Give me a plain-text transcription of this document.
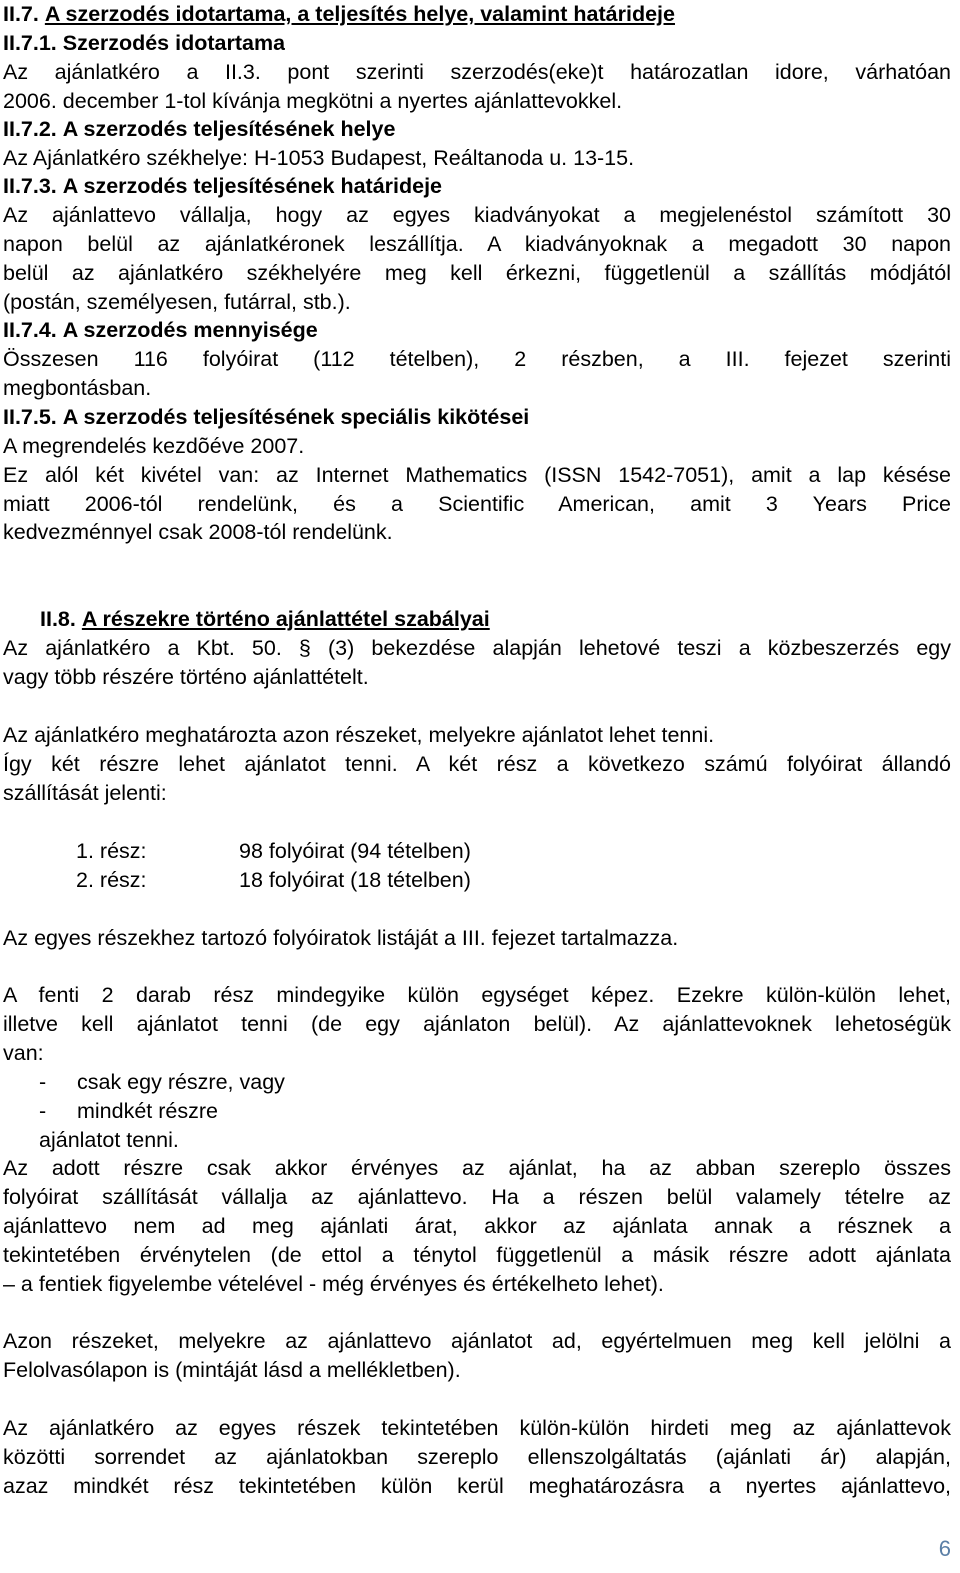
II.7. A szerzodés idotartama, a teljesítés helye, valamint határideje
II.7.1. Szerzodés idotartama
Az ajánlatkéro a II.3. pont szerinti szerzodés(eke)t határozatlan idore, várhatóan
2006. december 1-tol kívánja megkötni a nyertes ajánlattevokkel.
II.7.2. A szerzodés teljesítésének helye
Az Ajánlatkéro székhelye: H-1053 Budapest, Reáltanoda u. 13-15.
II.7.3. A szerzodés teljesítésének határideje
Az ajánlattevo vállalja, hogy az egyes kiadványokat a megjelenéstol számított 30
napon belül az ajánlatkéronek leszállítja. A kiadványoknak a megadott 30 napon
belül az ajánlatkéro székhelyére meg kell érkezni, függetlenül a szállítás módjától
(postán, személyesen, futárral, stb.).
II.7.4. A szerzodés mennyisége
Összesen 116 folyóirat (112 tételben), 2 részben, a III. fejezet szerinti
megbontásban.
II.7.5. A szerzodés teljesítésének speciális kikötései
A megrendelés kezdõéve 2007.
Ez alól két kivétel van: az Internet Mathematics (ISSN 1542-7051), amit a lap késése
miatt 2006-tól rendelünk, és a Scientific American, amit 3 Years Price
kedvezménnyel csak 2008-tól rendelünk.
II.8. A részekre történo ajánlattétel szabályai
Az ajánlatkéro a Kbt. 50. § (3) bekezdése alapján lehetové teszi a közbeszerzés egy
vagy több részére történo ajánlattételt.
Az ajánlatkéro meghatározta azon részeket, melyekre ajánlatot lehet tenni.
Így két részre lehet ajánlatot tenni. A két rész a következo számú folyóirat állandó
szállítását jelenti:
1. rész:	98 folyóirat (94 tételben)
2. rész:	18 folyóirat (18 tételben)
Az egyes részekhez tartozó folyóiratok listáját a III. fejezet tartalmazza.
A fenti 2 darab rész mindegyike külön egységet képez. Ezekre külön-külön lehet,
illetve kell ajánlatot tenni (de egy ajánlaton belül). Az ajánlattevoknek lehetoségük
van:
- csak egy részre, vagy
- mindkét részre
ajánlatot tenni.
Az adott részre csak akkor érvényes az ajánlat, ha az abban szereplo összes
folyóirat szállítását vállalja az ajánlattevo. Ha a részen belül valamely tételre az
ajánlattevo nem ad meg ajánlati árat, akkor az ajánlata annak a résznek a
tekintetében érvénytelen (de ettol a ténytol függetlenül a másik részre adott ajánlata
– a fentiek figyelembe vételével - még érvényes és értékelheto lehet).
Azon részeket, melyekre az ajánlattevo ajánlatot ad, egyértelmuen meg kell jelölni a
Felolvasólapon is (mintáját lásd a mellékletben).
Az ajánlatkéro az egyes részek tekintetében külön-külön hirdeti meg az ajánlattevok
közötti sorrendet az ajánlatokban szereplo ellenszolgáltatás (ajánlati ár) alapján,
azaz mindkét rész tekintetében külön kerül meghatározásra a nyertes ajánlattevo,
6
